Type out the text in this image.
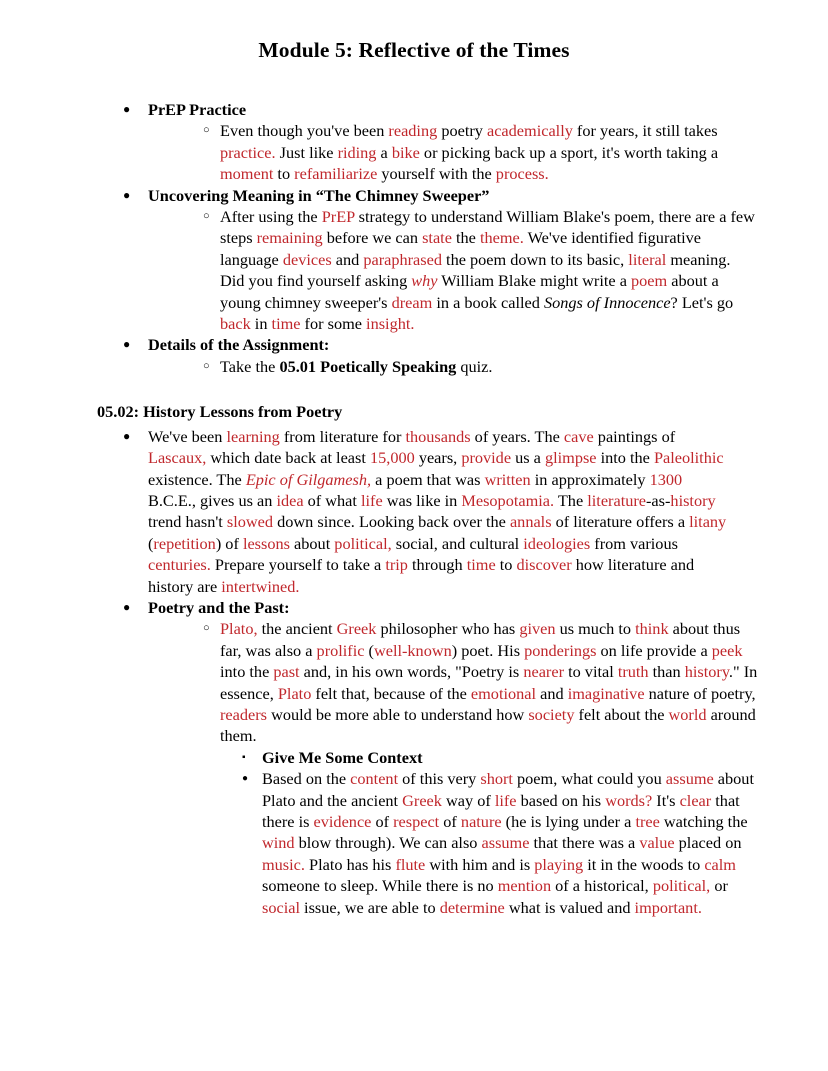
Module 5: Reflective of the Times
●
PrEP Practice
○
Even though you've been reading poetry academically for years, it still takes practice. Just like riding a bike or picking back up a sport, it's worth taking a moment to refamiliarize yourself with the process.
●
Uncovering Meaning in “The Chimney Sweeper”
○
After using the PrEP strategy to understand William Blake's poem, there are a few steps remaining before we can state the theme. We've identified figurative language devices and paraphrased the poem down to its basic, literal meaning. Did you find yourself asking why William Blake might write a poem about a young chimney sweeper's dream in a book called Songs of Innocence? Let's go back in time for some insight.
●
Details of the Assignment:
○
Take the 05.01 Poetically Speaking quiz.
05.02: History Lessons from Poetry
●
We've been learning from literature for thousands of years. The cave paintings of Lascaux, which date back at least 15,000 years, provide us a glimpse into the Paleolithic existence. The Epic of Gilgamesh, a poem that was written in approximately 1300 B.C.E., gives us an idea of what life was like in Mesopotamia. The literature-as-history trend hasn't slowed down since. Looking back over the annals of literature offers a litany (repetition) of lessons about political, social, and cultural ideologies from various centuries. Prepare yourself to take a trip through time to discover how literature and history are intertwined.
●
Poetry and the Past:
○
Plato, the ancient Greek philosopher who has given us much to think about thus far, was also a prolific (well-known) poet. His ponderings on life provide a peek into the past and, in his own words, "Poetry is nearer to vital truth than history." In essence, Plato felt that, because of the emotional and imaginative nature of poetry, readers would be more able to understand how society felt about the world around them.
▪
Give Me Some Context
●
Based on the content of this very short poem, what could you assume about Plato and the ancient Greek way of life based on his words? It's clear that there is evidence of respect of nature (he is lying under a tree watching the wind blow through). We can also assume that there was a value placed on music. Plato has his flute with him and is playing it in the woods to calm someone to sleep. While there is no mention of a historical, political, or social issue, we are able to determine what is valued and important.
